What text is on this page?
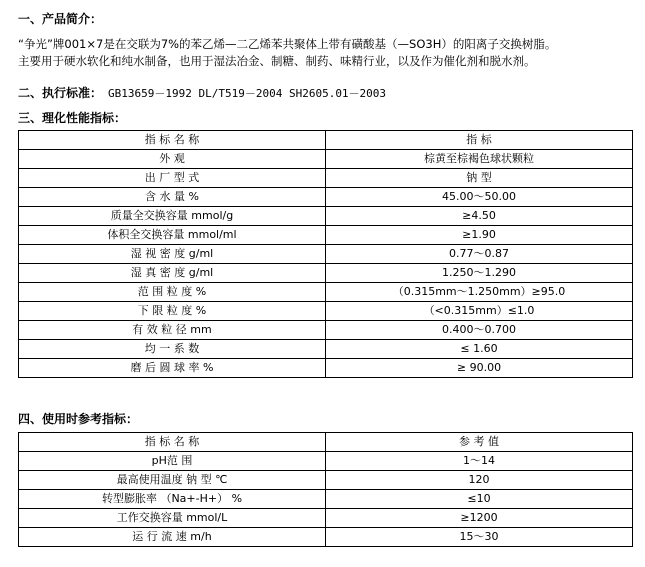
一、产品简介：
“争光”牌001×7是在交联为7%的苯乙烯—二乙烯苯共聚体上带有磺酸基（—SO3H）的阳离子交换树脂。
主要用于硬水软化和纯水制备，也用于湿法冶金、制糖、制药、味精行业，以及作为催化剂和脱水剂。
二、执行标准： GB13659－1992 DL/T519－2004 SH2605.01－2003
三、理化性能指标：
指 标 名 称	指 标
外 观	棕黄至棕褐色球状颗粒
出 厂 型 式	钠 型
含 水 量 %	45.00～50.00
质量全交换容量 mmol/g	≥4.50
体积全交换容量 mmol/ml	≥1.90
湿 视 密 度 g/ml	0.77～0.87
湿 真 密 度 g/ml	1.250～1.290
范 围 粒 度 %	（0.315mm～1.250mm）≥95.0
下 限 粒 度 %	（<0.315mm）≤1.0
有 效 粒 径 mm	0.400～0.700
均 一 系 数	≤ 1.60
磨 后 圆 球 率 %	≥ 90.00
四、使用时参考指标：
指 标 名 称	参 考 值
pH范 围	1～14
最高使用温度 钠 型 ℃	120
转型膨胀率 （Na+-H+） %	≤10
工作交换容量 mmol/L	≥1200
运 行 流 速 m/h	15～30
